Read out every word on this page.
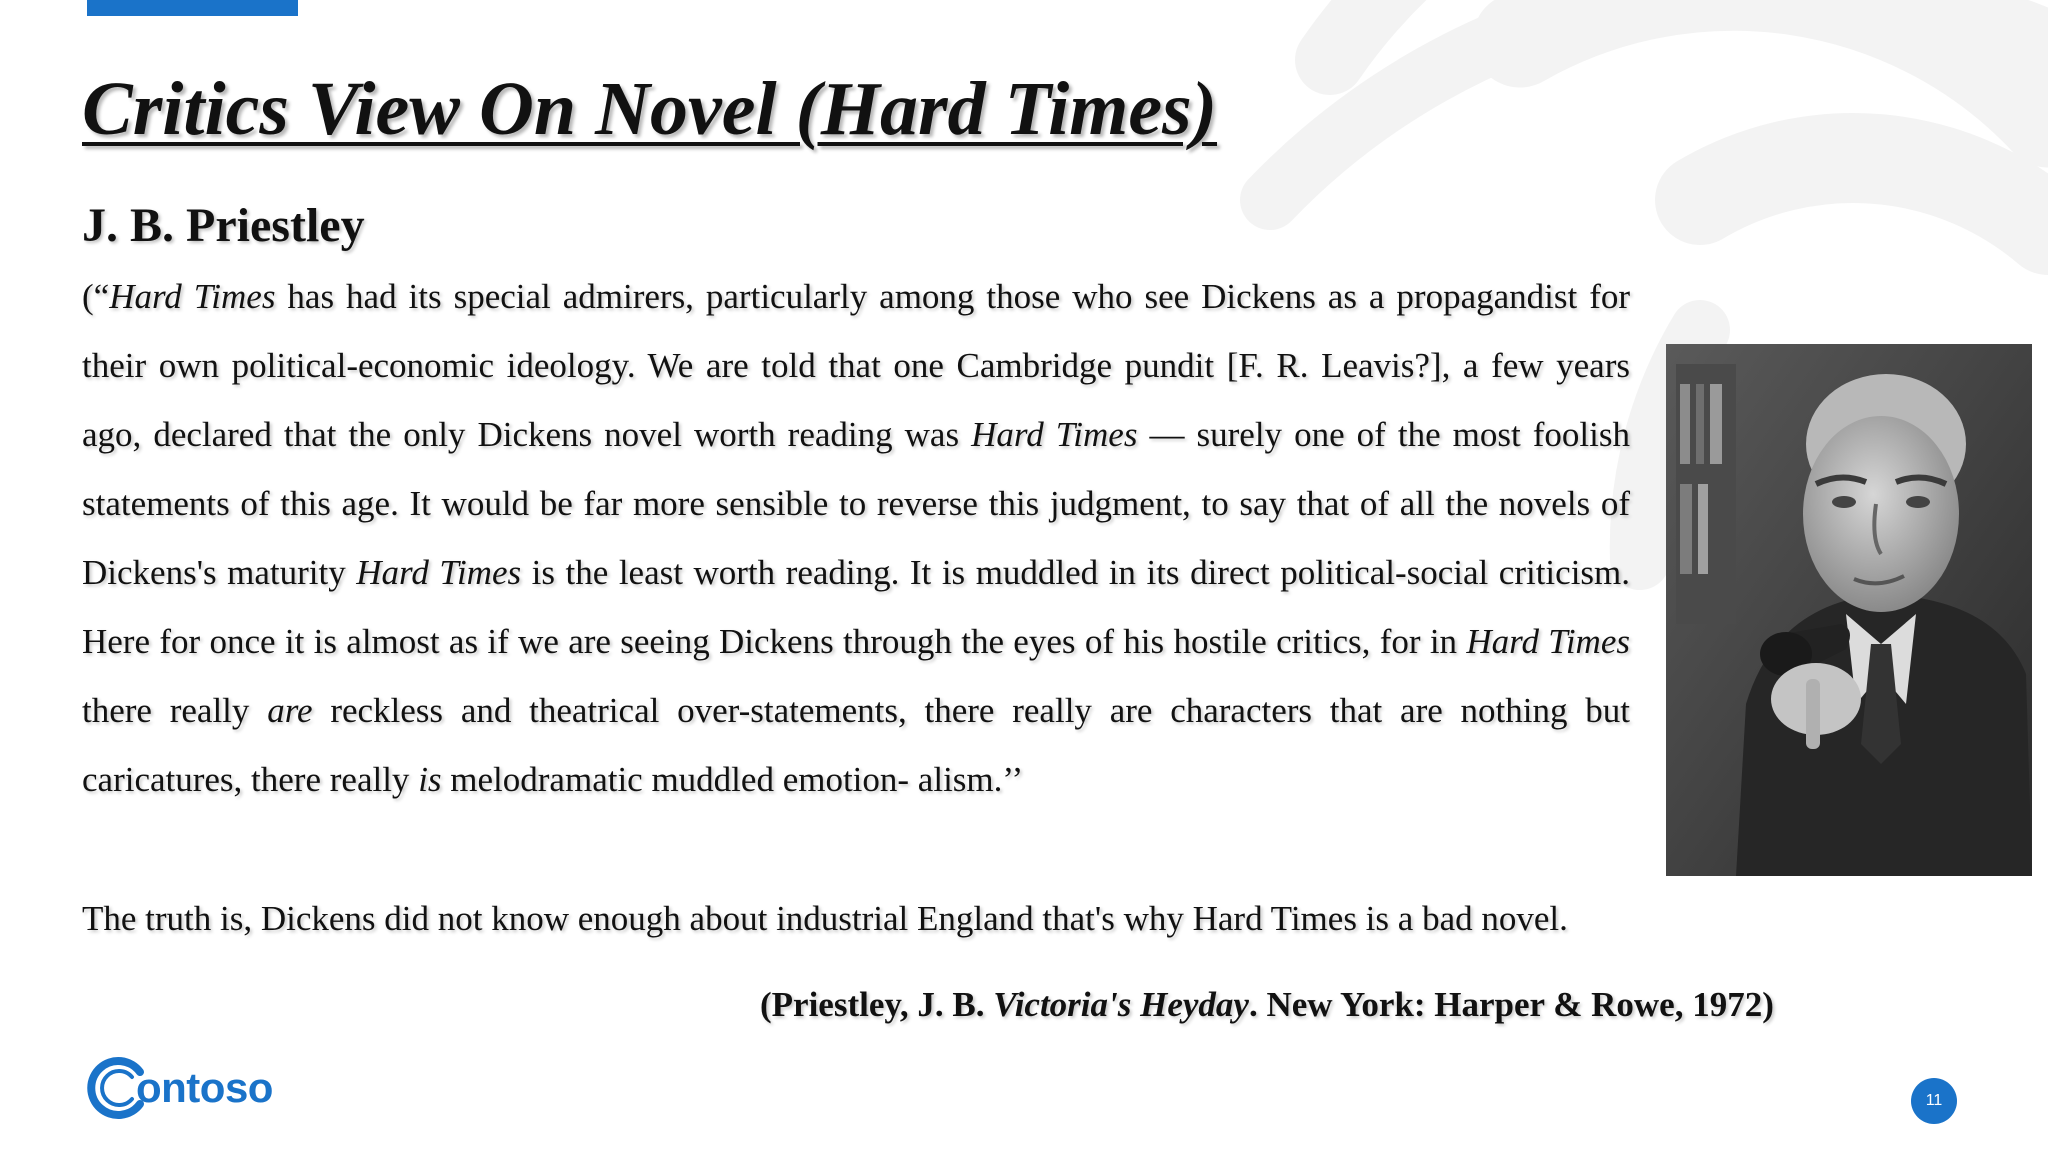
Critics View On Novel (Hard Times)
J. B. Priestley

(“Hard Times has had its special admirers, particularly among those who see Dickens as a propagandist for their own political-economic ideology. We are told that one Cambridge pundit [F. R. Leavis?], a few years ago, declared that the only Dickens novel worth reading was Hard Times — surely one of the most foolish statements of this age. It would be far more sensible to reverse this judgment, to say that of all the novels of Dickens's maturity Hard Times is the least worth reading. It is muddled in its direct political-social criticism. Here for once it is almost as if we are seeing Dickens through the eyes of his hostile critics, for in Hard Times there really are reckless and theatrical over-statements, there really are characters that are nothing but caricatures, there really is melodramatic muddled emotion- alism.’’

The truth is, Dickens did not know enough about industrial England that's why Hard Times is a bad novel.

(Priestley, J. B. Victoria's Heyday. New York: Harper & Rowe, 1972)

ontoso	11
